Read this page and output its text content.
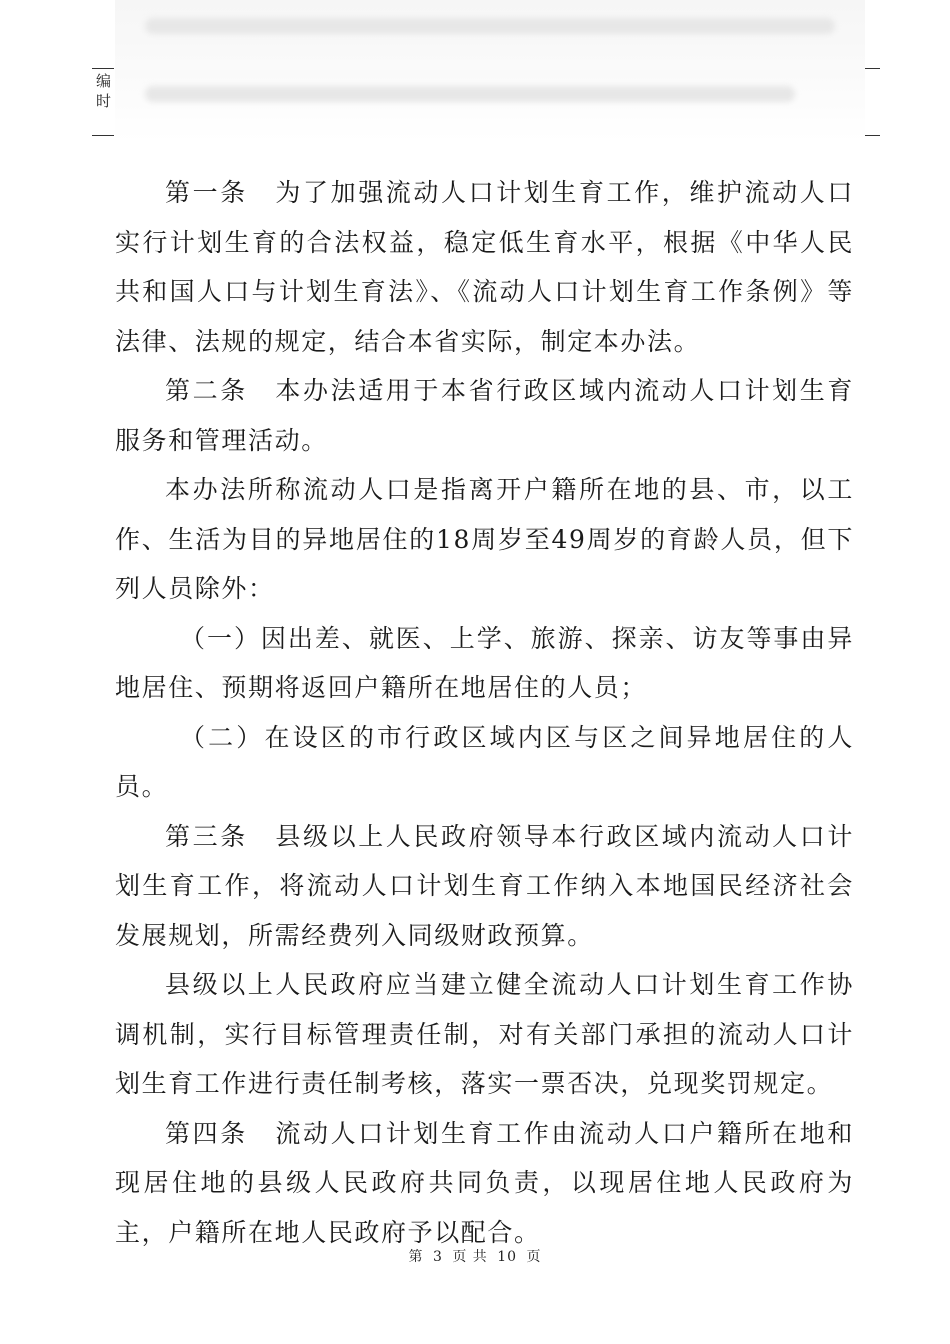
编
时

第一条　为了加强流动人口计划生育工作，维护流动人口实行计划生育的合法权益，稳定低生育水平，根据《中华人民共和国人口与计划生育法》、《流动人口计划生育工作条例》等法律、法规的规定，结合本省实际，制定本办法。

第二条　本办法适用于本省行政区域内流动人口计划生育服务和管理活动。

本办法所称流动人口是指离开户籍所在地的县、市，以工作、生活为目的异地居住的18周岁至49周岁的育龄人员，但下列人员除外：

（一）因出差、就医、上学、旅游、探亲、访友等事由异地居住、预期将返回户籍所在地居住的人员；

（二）在设区的市行政区域内区与区之间异地居住的人员。

第三条　县级以上人民政府领导本行政区域内流动人口计划生育工作，将流动人口计划生育工作纳入本地国民经济社会发展规划，所需经费列入同级财政预算。

县级以上人民政府应当建立健全流动人口计划生育工作协调机制，实行目标管理责任制，对有关部门承担的流动人口计划生育工作进行责任制考核，落实一票否决，兑现奖罚规定。

第四条　流动人口计划生育工作由流动人口户籍所在地和现居住地的县级人民政府共同负责，以现居住地人民政府为主，户籍所在地人民政府予以配合。

第 3 页 共 10 页
